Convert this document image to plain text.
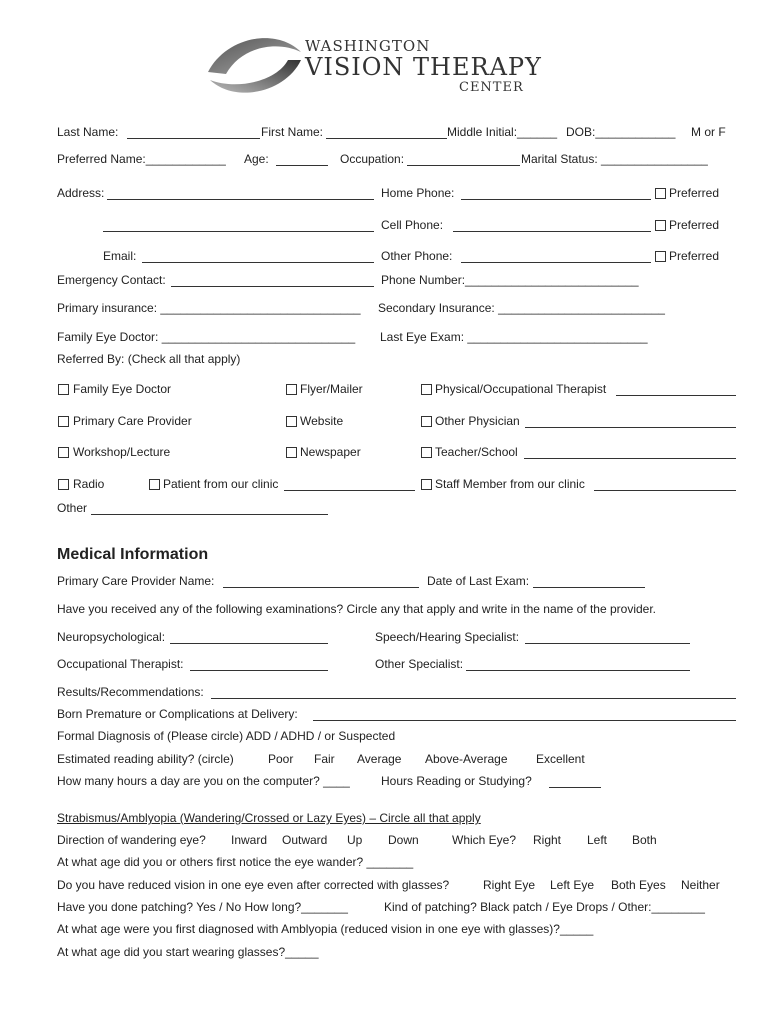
WASHINGTON
VISION THERAPY
CENTER
Last Name:	First Name:	Middle Initial:______ DOB:____________ M or F
Preferred Name:____________ Age:	Occupation:	Marital Status: ________________
Address:	Home Phone:	Preferred
Cell Phone:	Preferred
Email:	Other Phone:	Preferred
Emergency Contact:	Phone Number:__________________________
Primary insurance: ______________________________ Secondary Insurance: _________________________
Family Eye Doctor: _____________________________ Last Eye Exam: ___________________________
Referred By: (Check all that apply)
Family Eye Doctor	Flyer/Mailer	Physical/Occupational Therapist
Primary Care Provider	Website	Other Physician
Workshop/Lecture	Newspaper	Teacher/School
Radio	Patient from our clinic	Staff Member from our clinic
Other
Medical Information
Primary Care Provider Name:	Date of Last Exam:
Have you received any of the following examinations? Circle any that apply and write in the name of the provider.
Neuropsychological:	Speech/Hearing Specialist:
Occupational Therapist:	Other Specialist:
Results/Recommendations:
Born Premature or Complications at Delivery:
Formal Diagnosis of (Please circle) ADD / ADHD / or Suspected
Estimated reading ability? (circle)	Poor Fair Average Above-Average Excellent
How many hours a day are you on the computer? ____	Hours Reading or Studying?
Strabismus/Amblyopia (Wandering/Crossed or Lazy Eyes) – Circle all that apply
Direction of wandering eye? Inward Outward Up Down	Which Eye? Right Left Both
At what age did you or others first notice the eye wander? _______
Do you have reduced vision in one eye even after corrected with glasses?	Right Eye Left Eye Both Eyes Neither
Have you done patching? Yes / No How long?_______	Kind of patching? Black patch / Eye Drops / Other:________
At what age were you first diagnosed with Amblyopia (reduced vision in one eye with glasses)?_____
At what age did you start wearing glasses?_____
